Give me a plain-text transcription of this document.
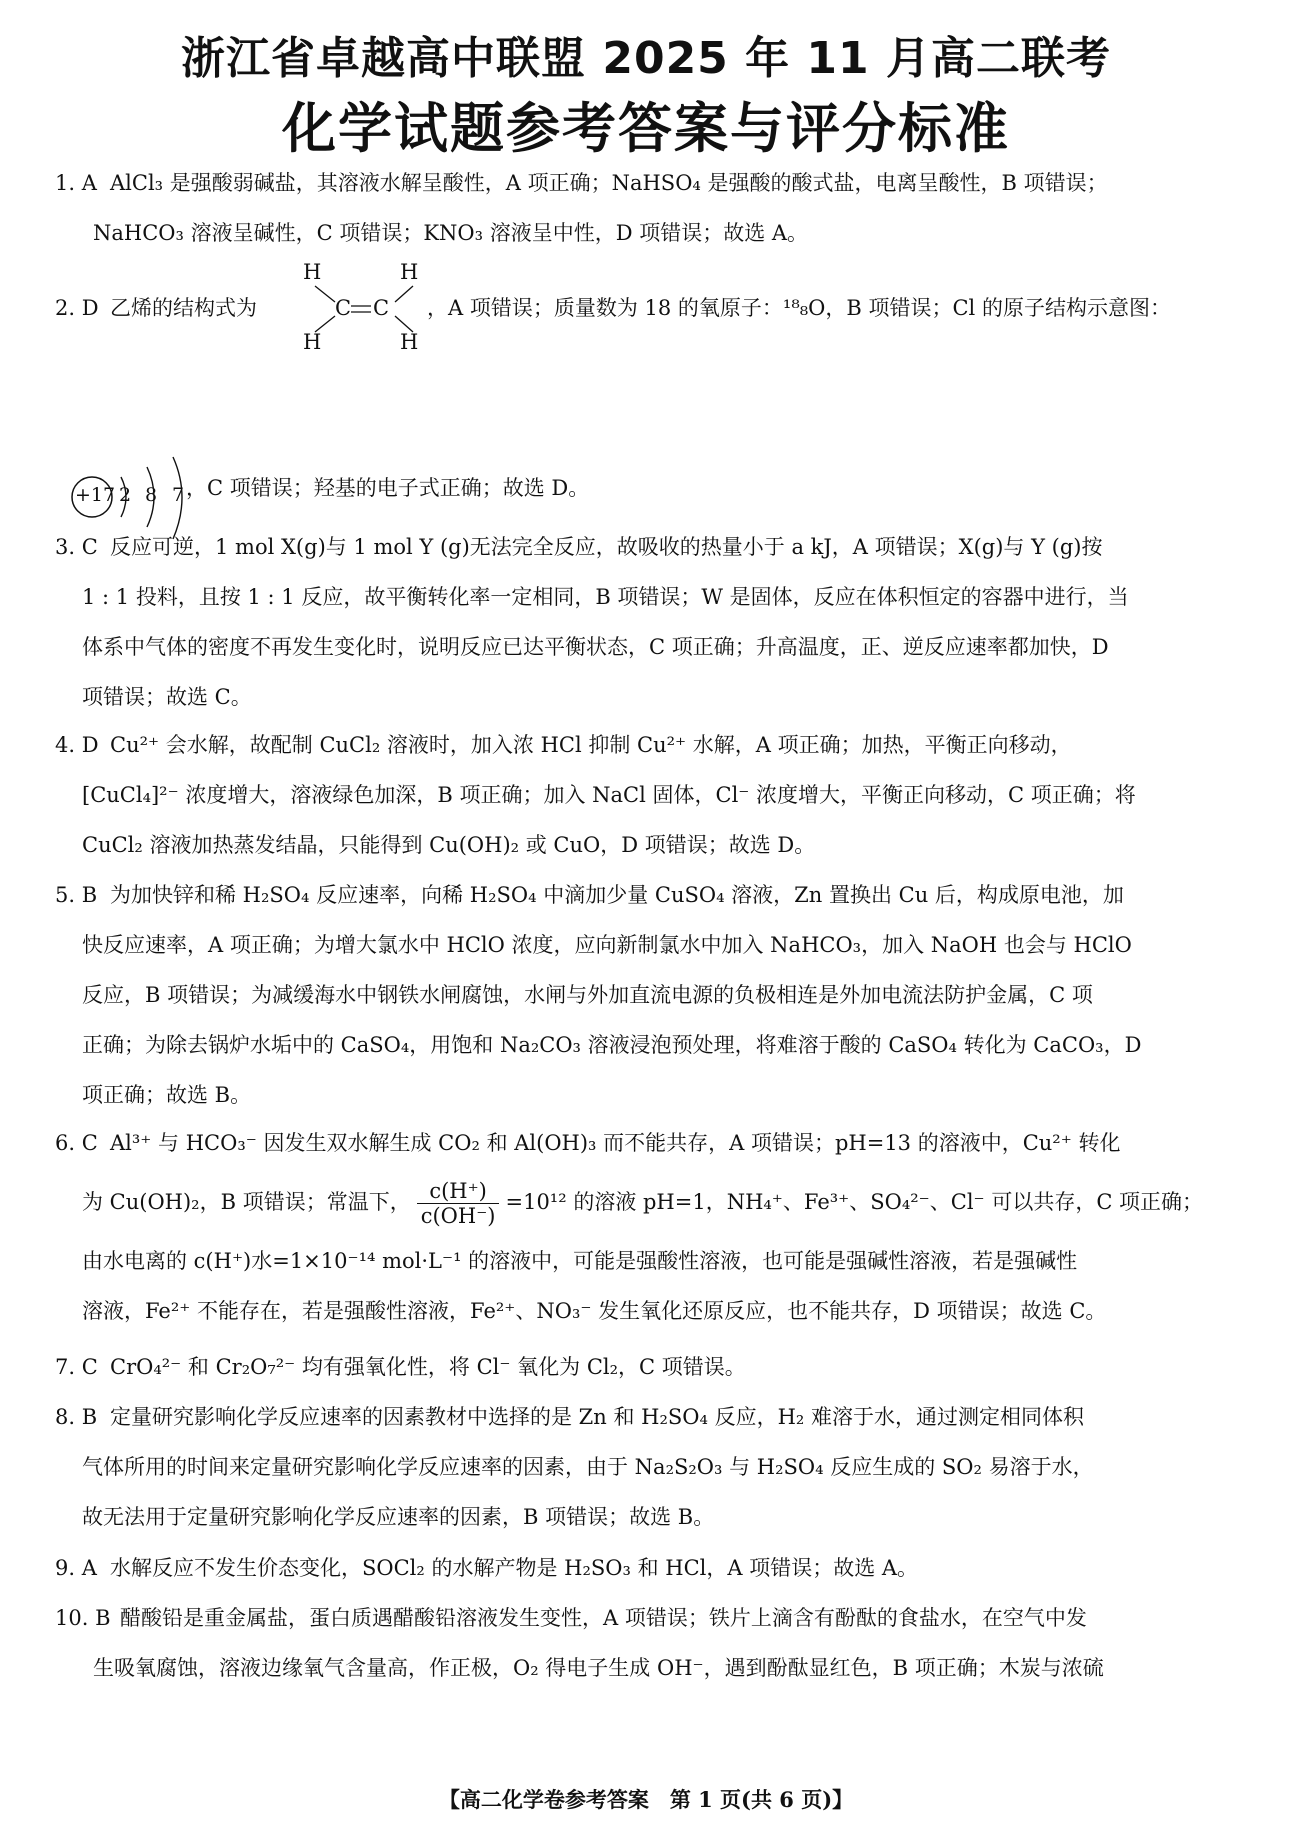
浙江省卓越高中联盟 2025 年 11 月高二联考
化学试题参考答案与评分标准
1. A AlCl₃ 是强酸弱碱盐，其溶液水解呈酸性，A 项正确；NaHSO₄ 是强酸的酸式盐，电离呈酸性，B 项错误；
NaHCO₃ 溶液呈碱性，C 项错误；KNO₃ 溶液呈中性，D 项错误；故选 A。
2. D 乙烯的结构式为	，A 项错误；质量数为 18 的氧原子：¹⁸₈O，B 项错误；Cl 的原子结构示意图：
H	H
C C
H	H
+17 2 8 7 ，C 项错误；羟基的电子式正确；故选 D。
3. C 反应可逆，1 mol X(g)与 1 mol Y (g)无法完全反应，故吸收的热量小于 a kJ，A 项错误；X(g)与 Y (g)按
1 : 1 投料，且按 1 : 1 反应，故平衡转化率一定相同，B 项错误；W 是固体，反应在体积恒定的容器中进行，当
体系中气体的密度不再发生变化时，说明反应已达平衡状态，C 项正确；升高温度，正、逆反应速率都加快，D
项错误；故选 C。
4. D Cu²⁺ 会水解，故配制 CuCl₂ 溶液时，加入浓 HCl 抑制 Cu²⁺ 水解，A 项正确；加热，平衡正向移动，
[CuCl₄]²⁻ 浓度增大，溶液绿色加深，B 项正确；加入 NaCl 固体，Cl⁻ 浓度增大，平衡正向移动，C 项正确；将
CuCl₂ 溶液加热蒸发结晶，只能得到 Cu(OH)₂ 或 CuO，D 项错误；故选 D。
5. B 为加快锌和稀 H₂SO₄ 反应速率，向稀 H₂SO₄ 中滴加少量 CuSO₄ 溶液，Zn 置换出 Cu 后，构成原电池，加
快反应速率，A 项正确；为增大氯水中 HClO 浓度，应向新制氯水中加入 NaHCO₃，加入 NaOH 也会与 HClO
反应，B 项错误；为减缓海水中钢铁水闸腐蚀，水闸与外加直流电源的负极相连是外加电流法防护金属，C 项
正确；为除去锅炉水垢中的 CaSO₄，用饱和 Na₂CO₃ 溶液浸泡预处理，将难溶于酸的 CaSO₄ 转化为 CaCO₃，D
项正确；故选 B。
6. C Al³⁺ 与 HCO₃⁻ 因发生双水解生成 CO₂ 和 Al(OH)₃ 而不能共存，A 项错误；pH=13 的溶液中，Cu²⁺ 转化
为 Cu(OH)₂，B 项错误；常温下， $\frac{c(H^+)}{c(OH^-)} =10^{12}$ 的溶液 pH=1，NH₄⁺、Fe³⁺、SO₄²⁻、Cl⁻ 可以共存，C 项正确；
由水电离的 c(H⁺)水=1×10⁻¹⁴ mol·L⁻¹ 的溶液中，可能是强酸性溶液，也可能是强碱性溶液，若是强碱性
溶液，Fe²⁺ 不能存在，若是强酸性溶液，Fe²⁺、NO₃⁻ 发生氧化还原反应，也不能共存，D 项错误；故选 C。
7. C CrO₄²⁻ 和 Cr₂O₇²⁻ 均有强氧化性，将 Cl⁻ 氧化为 Cl₂，C 项错误。
8. B 定量研究影响化学反应速率的因素教材中选择的是 Zn 和 H₂SO₄ 反应，H₂ 难溶于水，通过测定相同体积
气体所用的时间来定量研究影响化学反应速率的因素，由于 Na₂S₂O₃ 与 H₂SO₄ 反应生成的 SO₂ 易溶于水，
故无法用于定量研究影响化学反应速率的因素，B 项错误；故选 B。
9. A 水解反应不发生价态变化，SOCl₂ 的水解产物是 H₂SO₃ 和 HCl，A 项错误；故选 A。
10. B 醋酸铅是重金属盐，蛋白质遇醋酸铅溶液发生变性，A 项错误；铁片上滴含有酚酞的食盐水，在空气中发
生吸氧腐蚀，溶液边缘氧气含量高，作正极，O₂ 得电子生成 OH⁻，遇到酚酞显红色，B 项正确；木炭与浓硫
【高二化学卷参考答案　第 1 页(共 6 页)】
